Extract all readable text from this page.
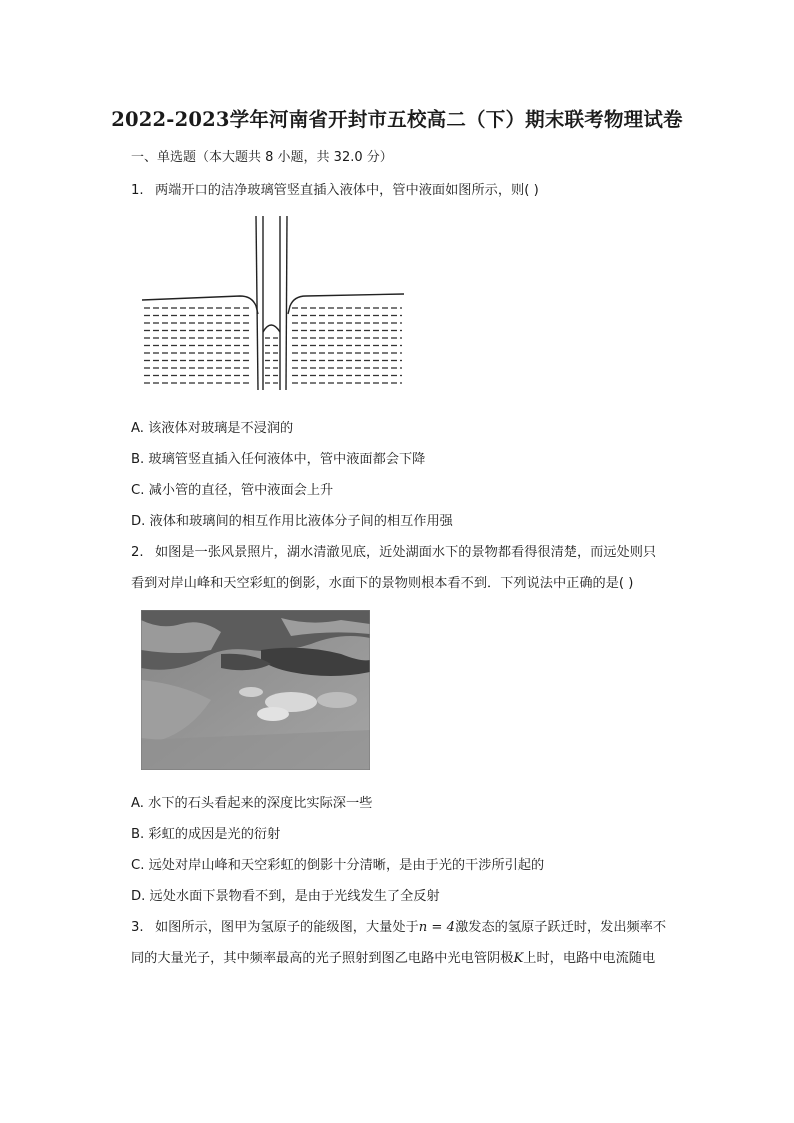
2022-2023学年河南省开封市五校高二（下）期末联考物理试卷
一、单选题（本大题共 8 小题，共 32.0 分）
1. 两端开口的洁净玻璃管竖直插入液体中，管中液面如图所示，则( )
A. 该液体对玻璃是不浸润的
B. 玻璃管竖直插入任何液体中，管中液面都会下降
C. 减小管的直径，管中液面会上升
D. 液体和玻璃间的相互作用比液体分子间的相互作用强
2. 如图是一张风景照片，湖水清澈见底，近处湖面水下的景物都看得很清楚，而远处则只
看到对岸山峰和天空彩虹的倒影，水面下的景物则根本看不到．下列说法中正确的是( )
A. 水下的石头看起来的深度比实际深一些
B. 彩虹的成因是光的衍射
C. 远处对岸山峰和天空彩虹的倒影十分清晰，是由于光的干涉所引起的
D. 远处水面下景物看不到，是由于光线发生了全反射
3. 如图所示，图甲为氢原子的能级图，大量处于n = 4激发态的氢原子跃迁时，发出频率不
同的大量光子，其中频率最高的光子照射到图乙电路中光电管阴极K上时，电路中电流随电
